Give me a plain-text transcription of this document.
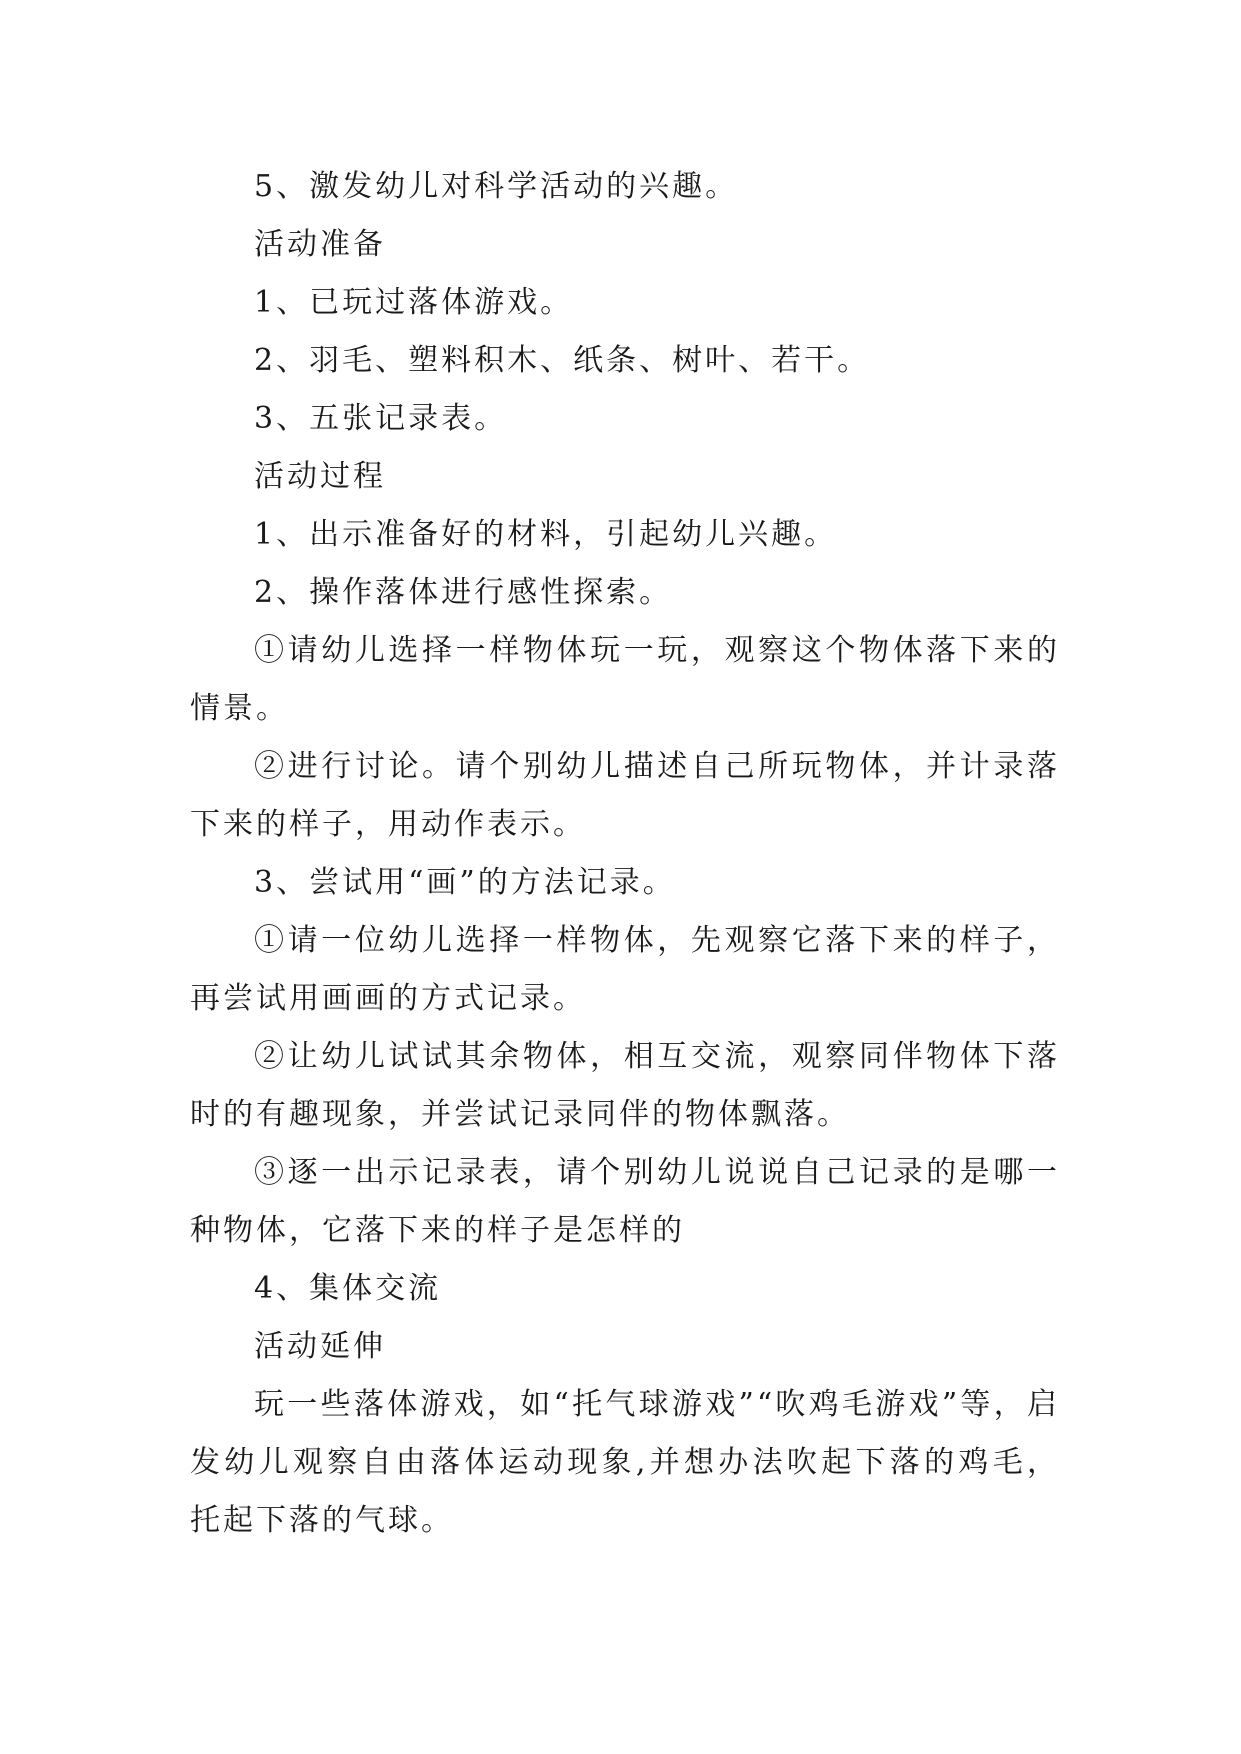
5、激发幼儿对科学活动的兴趣。

活动准备

1、已玩过落体游戏。

2、羽毛、塑料积木、纸条、树叶、若干。

3、五张记录表。

活动过程

1、出示准备好的材料，引起幼儿兴趣。

2、操作落体进行感性探索。

①请幼儿选择一样物体玩一玩，观察这个物体落下来的情景。

②进行讨论。请个别幼儿描述自己所玩物体，并计录落下来的样子，用动作表示。

3、尝试用“画”的方法记录。

①请一位幼儿选择一样物体，先观察它落下来的样子，再尝试用画画的方式记录。

②让幼儿试试其余物体，相互交流，观察同伴物体下落时的有趣现象，并尝试记录同伴的物体飘落。

③逐一出示记录表，请个别幼儿说说自己记录的是哪一种物体，它落下来的样子是怎样的

4、集体交流

活动延伸

玩一些落体游戏，如“托气球游戏”“吹鸡毛游戏”等，启发幼儿观察自由落体运动现象,并想办法吹起下落的鸡毛，托起下落的气球。
